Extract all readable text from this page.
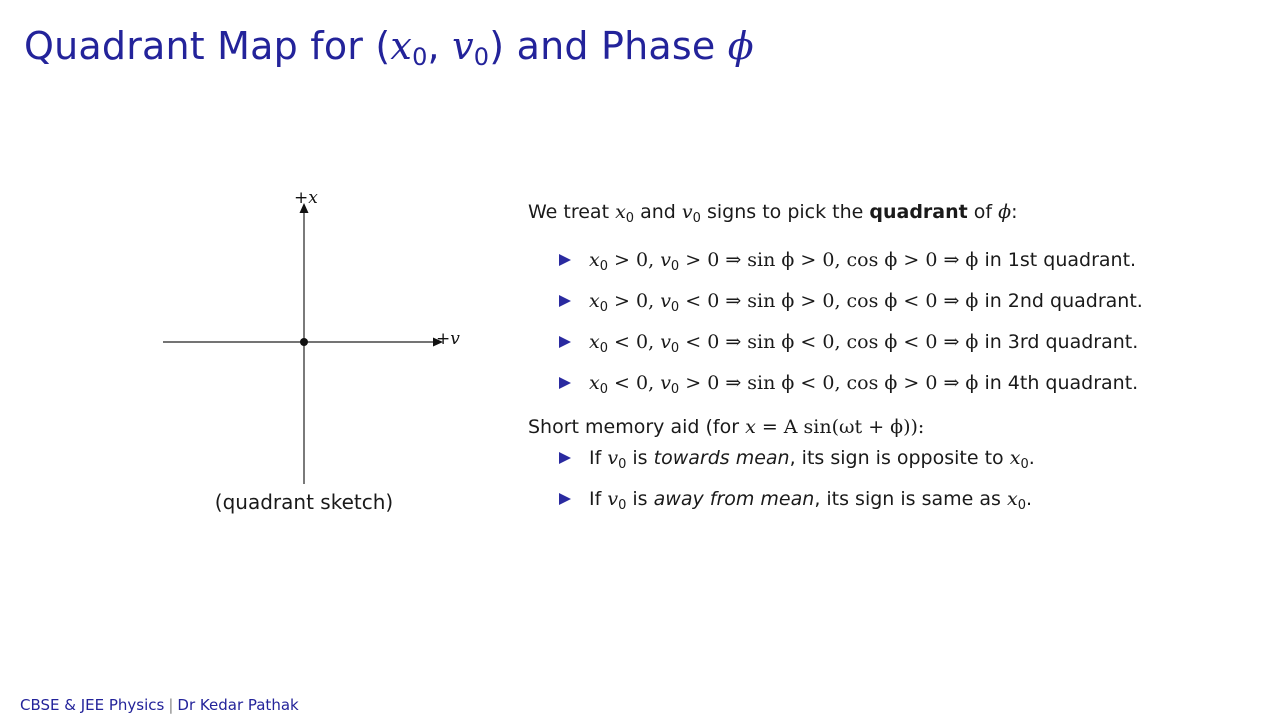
Quadrant Map for ($x_0$, $v_0$) and Phase ϕ
+x
+v
(quadrant sketch)

We treat $x_0$ and $v_0$ signs to pick the quadrant of ϕ:

$x_0 > 0$, $v_0 > 0$ ⇒ sin ϕ > 0, cos ϕ > 0 ⇒ ϕ in 1st quadrant.
$x_0 > 0$, $v_0 < 0$ ⇒ sin ϕ > 0, cos ϕ < 0 ⇒ ϕ in 2nd quadrant.
$x_0 < 0$, $v_0 < 0$ ⇒ sin ϕ < 0, cos ϕ < 0 ⇒ ϕ in 3rd quadrant.
$x_0 < 0$, $v_0 > 0$ ⇒ sin ϕ < 0, cos ϕ > 0 ⇒ ϕ in 4th quadrant.

Short memory aid (for x = A sin(ωt + ϕ)):

If $v_0$ is towards mean, its sign is opposite to $x_0$.
If $v_0$ is away from mean, its sign is same as $x_0$.
CBSE & JEE Physics | Dr Kedar Pathak
